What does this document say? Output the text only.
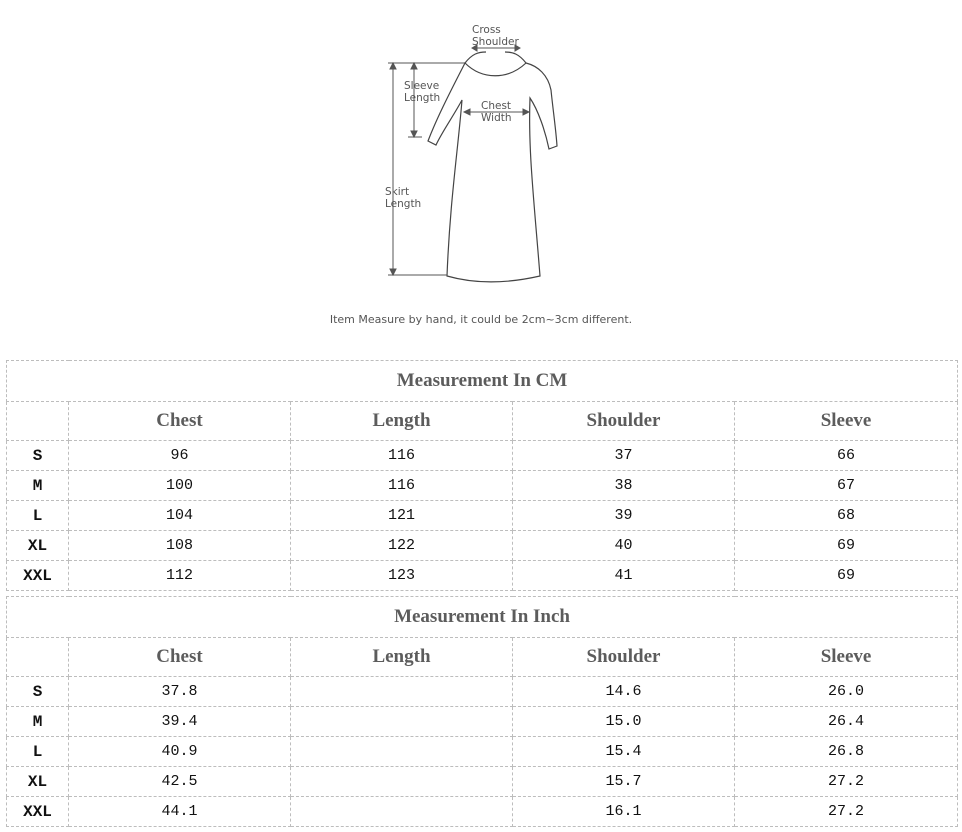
Cross
Shoulder
Sleeve
Length
Chest
Width
Skirt
Length
Item Measure by hand, it could be 2cm~3cm different.
Measurement In CM				
	Chest	Length	Shoulder	Sleeve
S	96	116	37	66
M	100	116	38	67
L	104	121	39	68
XL	108	122	40	69
XXL	112	123	41	69
Measurement In Inch				
	Chest	Length	Shoulder	Sleeve
S	37.8		14.6	26.0
M	39.4		15.0	26.4
L	40.9		15.4	26.8
XL	42.5		15.7	27.2
XXL	44.1		16.1	27.2
